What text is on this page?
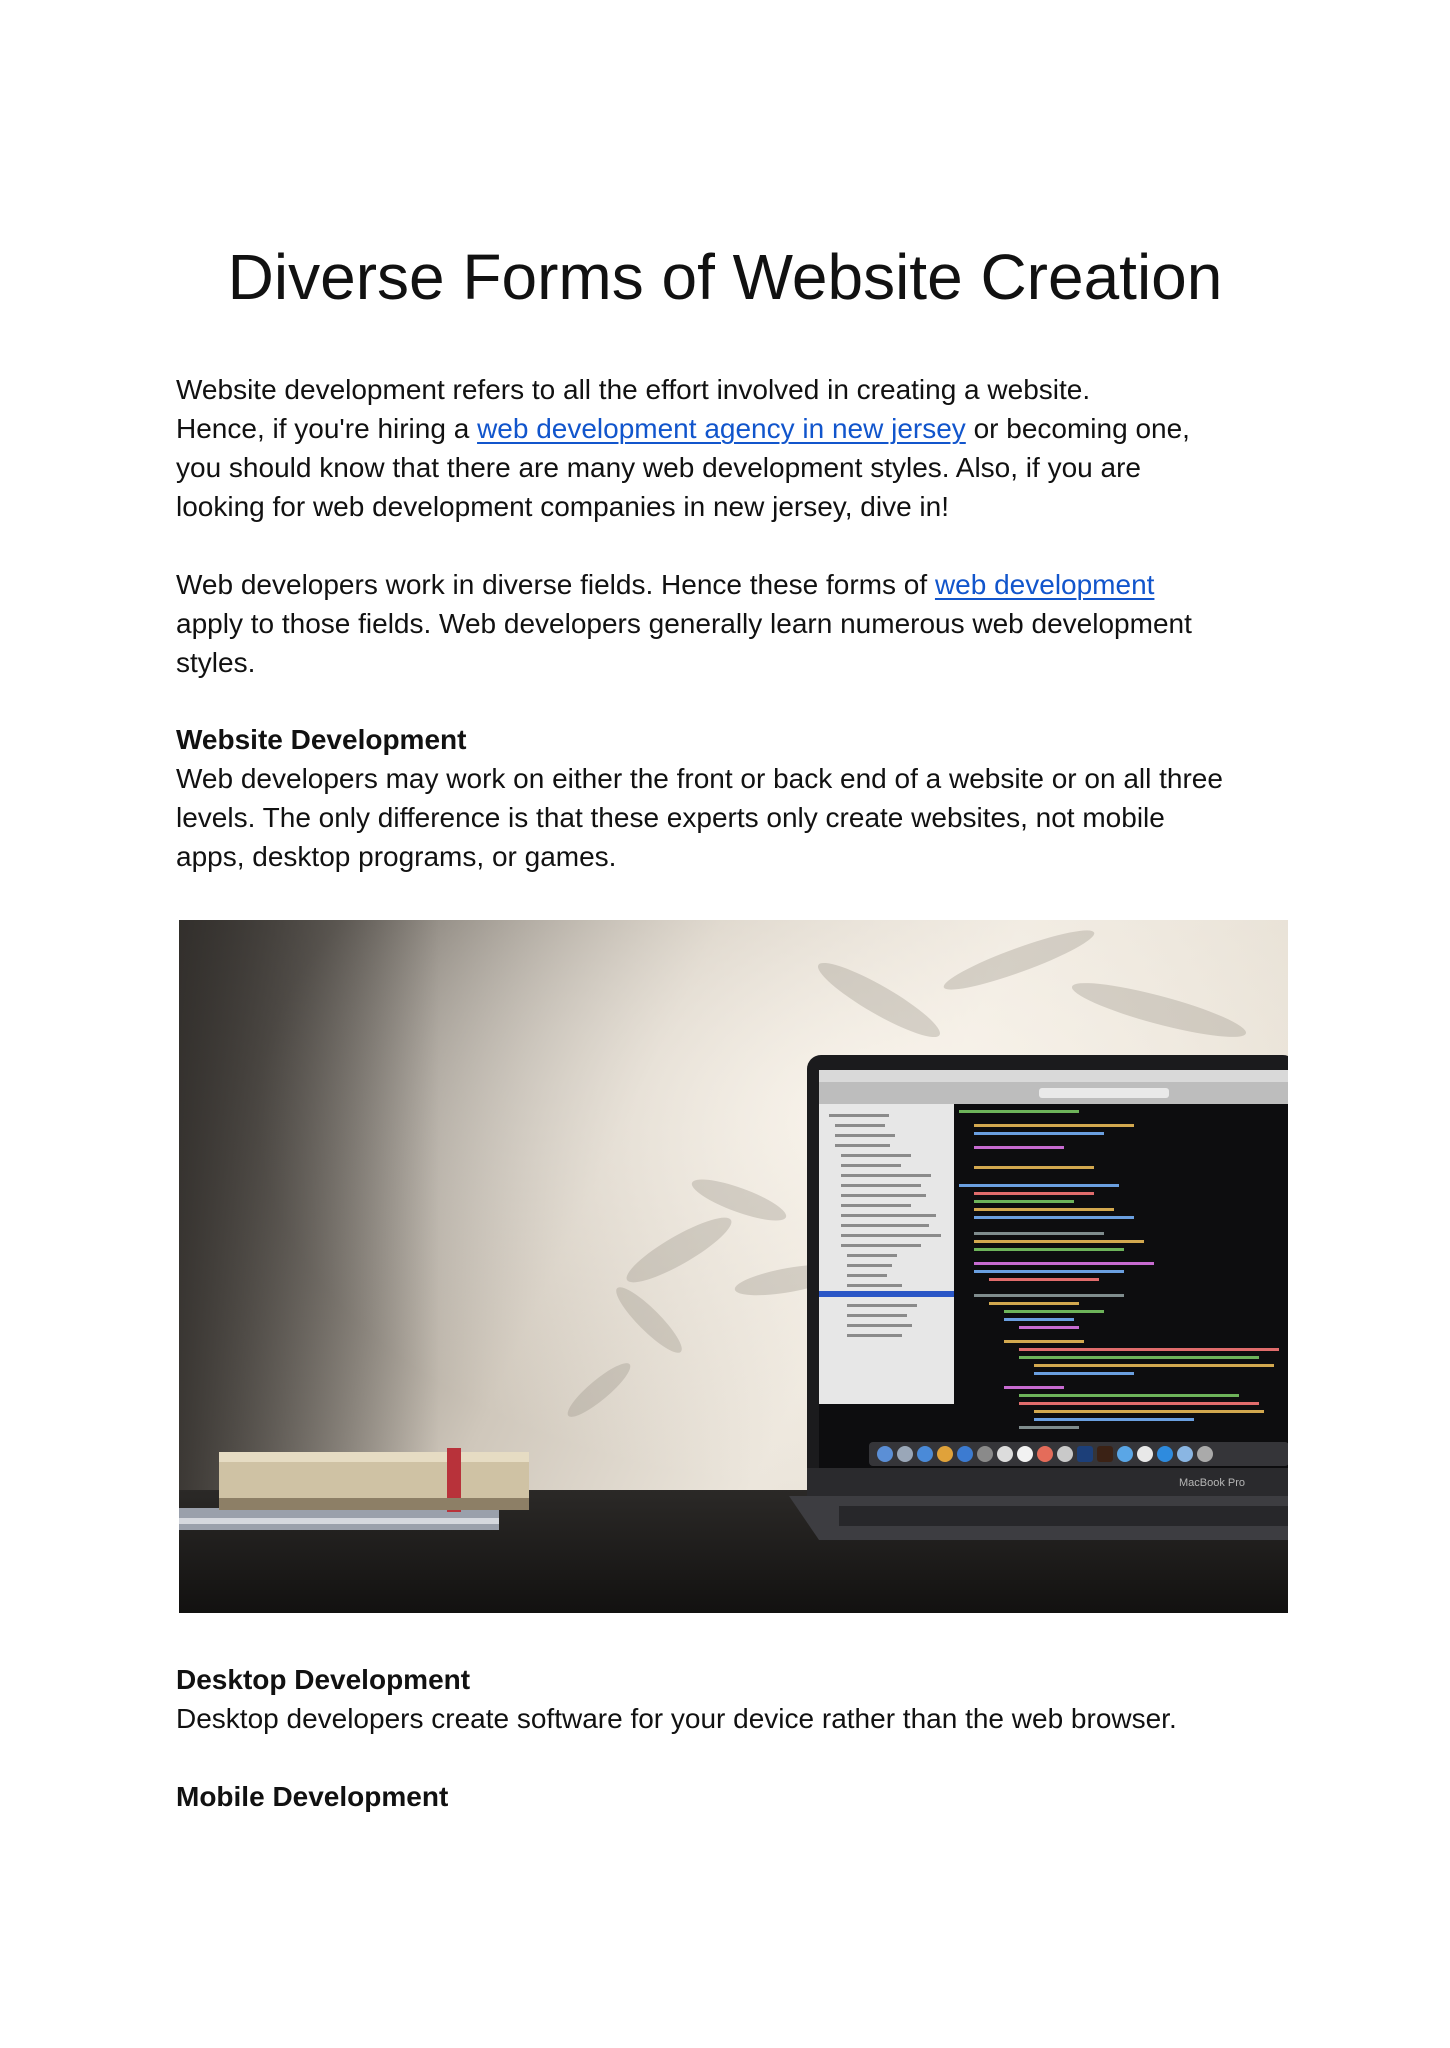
Diverse Forms of Website Creation

Website development refers to all the effort involved in creating a website.
Hence, if you're hiring a web development agency in new jersey or becoming one,
you should know that there are many web development styles. Also, if you are
looking for web development companies in new jersey, dive in!

Web developers work in diverse fields. Hence these forms of web development
apply to those fields. Web developers generally learn numerous web development
styles.

Website Development

Web developers may work on either the front or back end of a website or on all three
levels. The only difference is that these experts only create websites, not mobile
apps, desktop programs, or games.

MacBook Pro
Desktop Development

Desktop developers create software for your device rather than the web browser.

Mobile Development
